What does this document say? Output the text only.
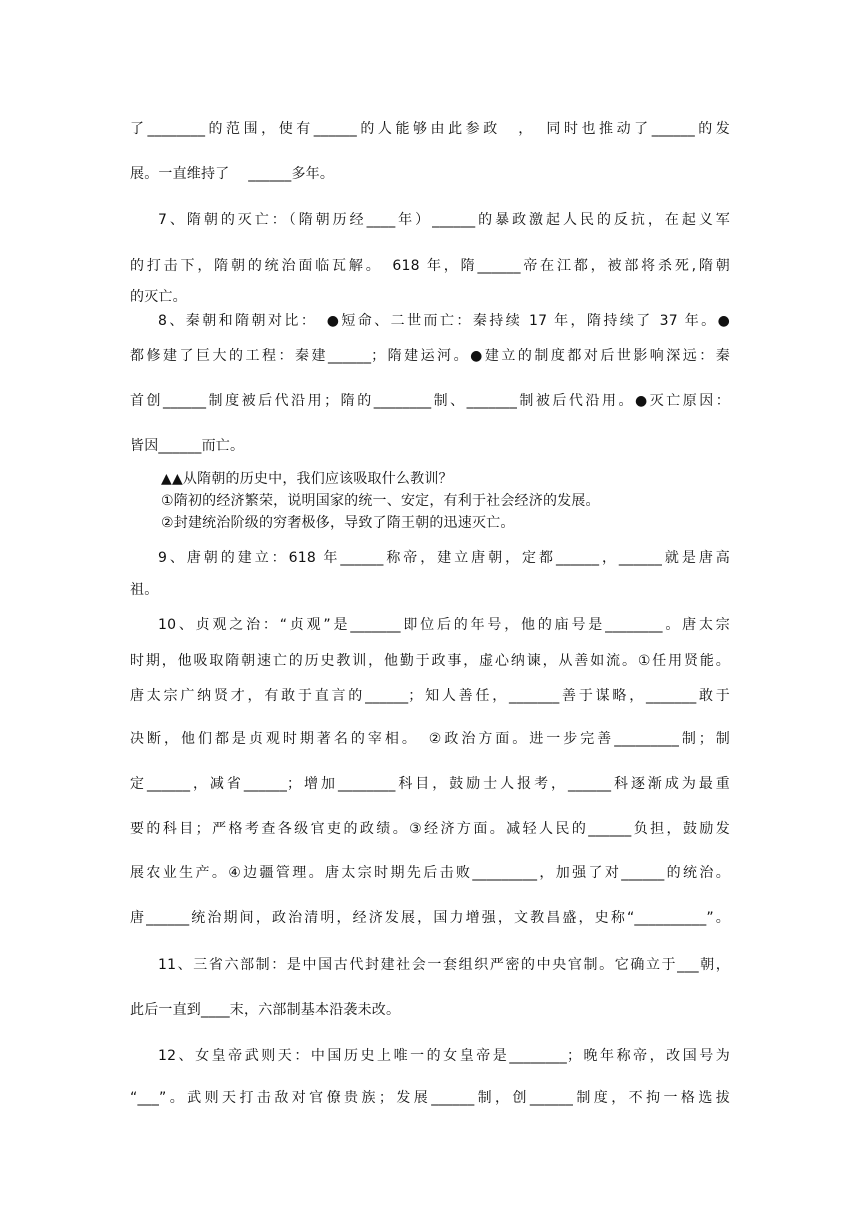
了________的范围，使有______的人能够由此参政　，　同时也推动了______的发
展。一直维持了　 ______多年。
7、隋朝的灭亡：（隋朝历经____年）______的暴政激起人民的反抗，在起义军
的打击下，隋朝的统治面临瓦解。　618 年，隋______帝在江都，被部将杀死,隋朝
的灭亡。
8、秦朝和隋朝对比：　●短命、二世而亡：秦持续 17 年，隋持续了 37 年。●
都修建了巨大的工程：秦建______；隋建运河。●建立的制度都对后世影响深远：秦
首创______制度被后代沿用；隋的________制、_______制被后代沿用。●灭亡原因：
皆因______而亡。
▲▲从隋朝的历史中，我们应该吸取什么教训？
①隋初的经济繁荣，说明国家的统一、安定，有利于社会经济的发展。
②封建统治阶级的穷奢极侈，导致了隋王朝的迅速灭亡。
9、唐朝的建立：618 年______称帝，建立唐朝，定都______，______就是唐高
祖。
10、贞观之治：“贞观”是_______即位后的年号，他的庙号是________。唐太宗
时期，他吸取隋朝速亡的历史教训，他勤于政事，虚心纳谏，从善如流。①任用贤能。
唐太宗广纳贤才，有敢于直言的______；知人善任，_______善于谋略，_______敢于
决断，他们都是贞观时期著名的宰相。　②政治方面。进一步完善_________制；制
定______，减省______；增加________科目，鼓励士人报考，______科逐渐成为最重
要的科目；严格考查各级官吏的政绩。③经济方面。减轻人民的______负担，鼓励发
展农业生产。④边疆管理。唐太宗时期先后击败_________，加强了对______的统治。
唐______统治期间，政治清明，经济发展，国力增强，文教昌盛，史称“__________”。
11、三省六部制：是中国古代封建社会一套组织严密的中央官制。它确立于___朝，
此后一直到____末，六部制基本沿袭未改。
12、女皇帝武则天：中国历史上唯一的女皇帝是________；晚年称帝，改国号为
“___”。武则天打击敌对官僚贵族；发展______制，创______制度，不拘一格选拔
